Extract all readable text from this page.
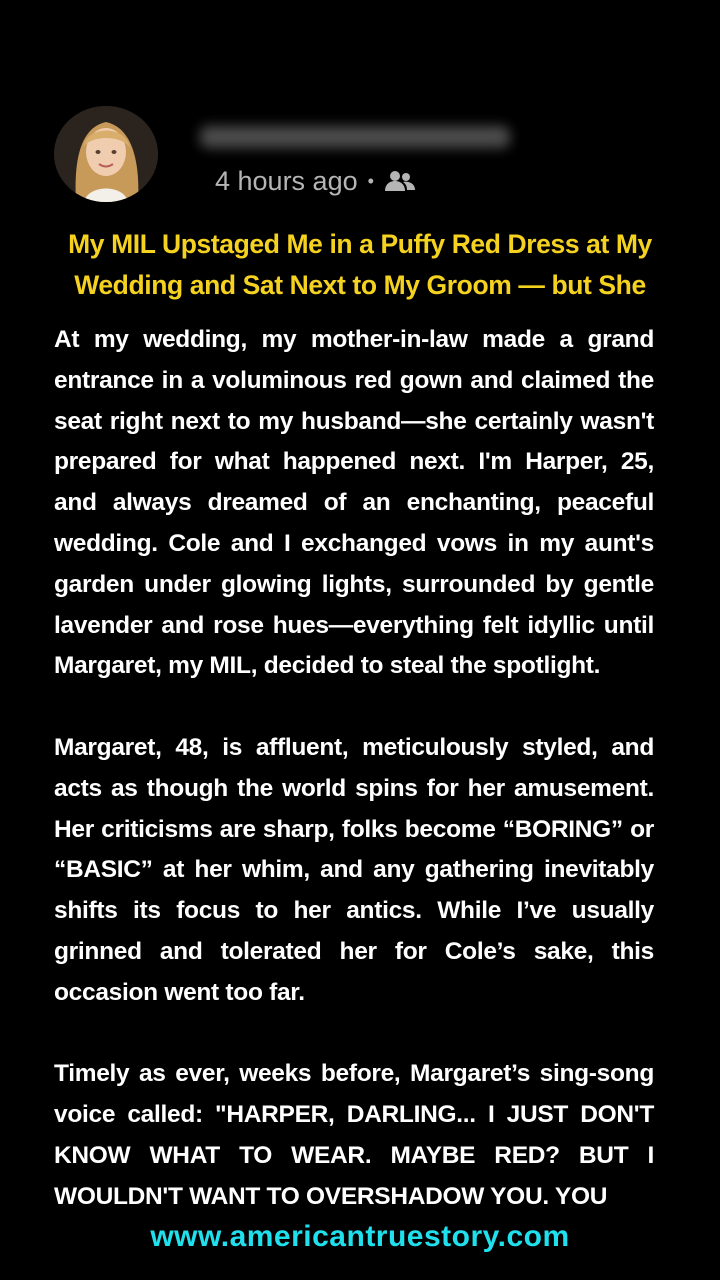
4 hours ago •
My MIL Upstaged Me in a Puffy Red Dress at My Wedding and Sat Next to My Groom — but She

At my wedding, my mother-in-law made a grand entrance in a voluminous red gown and claimed the seat right next to my husband—she certainly wasn't prepared for what happened next. I'm Harper, 25, and always dreamed of an enchanting, peaceful wedding. Cole and I exchanged vows in my aunt's garden under glowing lights, surrounded by gentle lavender and rose hues—everything felt idyllic until Margaret, my MIL, decided to steal the spotlight.

Margaret, 48, is affluent, meticulously styled, and acts as though the world spins for her amusement. Her criticisms are sharp, folks become “BORING” or “BASIC” at her whim, and any gathering inevitably shifts its focus to her antics. While I’ve usually grinned and tolerated her for Cole’s sake, this occasion went too far.

Timely as ever, weeks before, Margaret’s sing-song voice called: "HARPER, DARLING... I JUST DON'T KNOW WHAT TO WEAR. MAYBE RED? BUT I WOULDN'T WANT TO OVERSHADOW YOU. YOU

www.americantruestory.com
